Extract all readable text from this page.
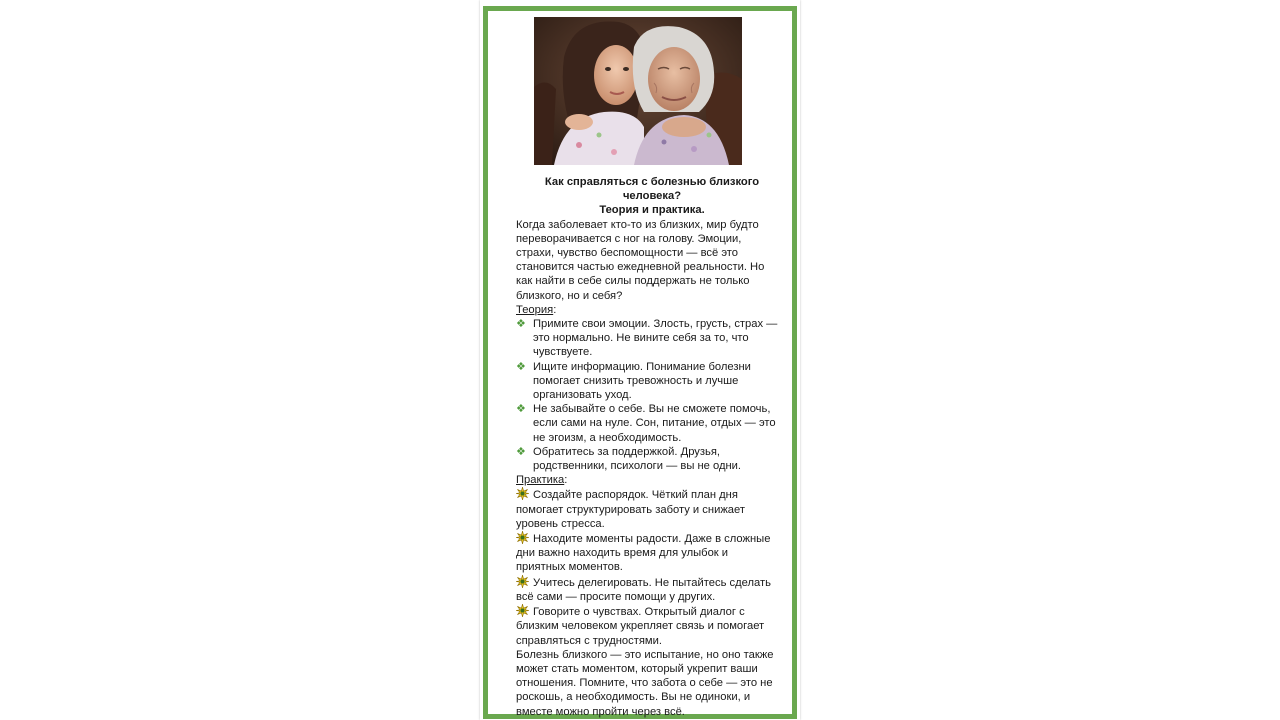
Как справляться с болезнью близкого человека?

Теория и практика.

Когда заболевает кто-то из близких, мир будто переворачивается с ног на голову. Эмоции, страхи, чувство беспомощности — всё это становится частью ежедневной реальности. Но как найти в себе силы поддержать не только близкого, но и себя?

Теория:

❖ Примите свои эмоции. Злость, грусть, страх — это нормально. Не вините себя за то, что чувствуете.
❖ Ищите информацию. Понимание болезни помогает снизить тревожность и лучше организовать уход.
❖ Не забывайте о себе. Вы не сможете помочь, если сами на нуле. Сон, питание, отдых — это не эгоизм, а необходимость.
❖ Обратитесь за поддержкой. Друзья, родственники, психологи — вы не одни.

Практика:

Создайте распорядок. Чёткий план дня помогает структурировать заботу и снижает уровень стресса.

Находите моменты радости. Даже в сложные дни важно находить время для улыбок и приятных моментов.

Учитесь делегировать. Не пытайтесь сделать всё сами — просите помощи у других.

Говорите о чувствах. Открытый диалог с близким человеком укрепляет связь и помогает справляться с трудностями.

Болезнь близкого — это испытание, но оно также может стать моментом, который укрепит ваши отношения. Помните, что забота о себе — это не роскошь, а необходимость. Вы не одиноки, и вместе можно пройти через всё.
